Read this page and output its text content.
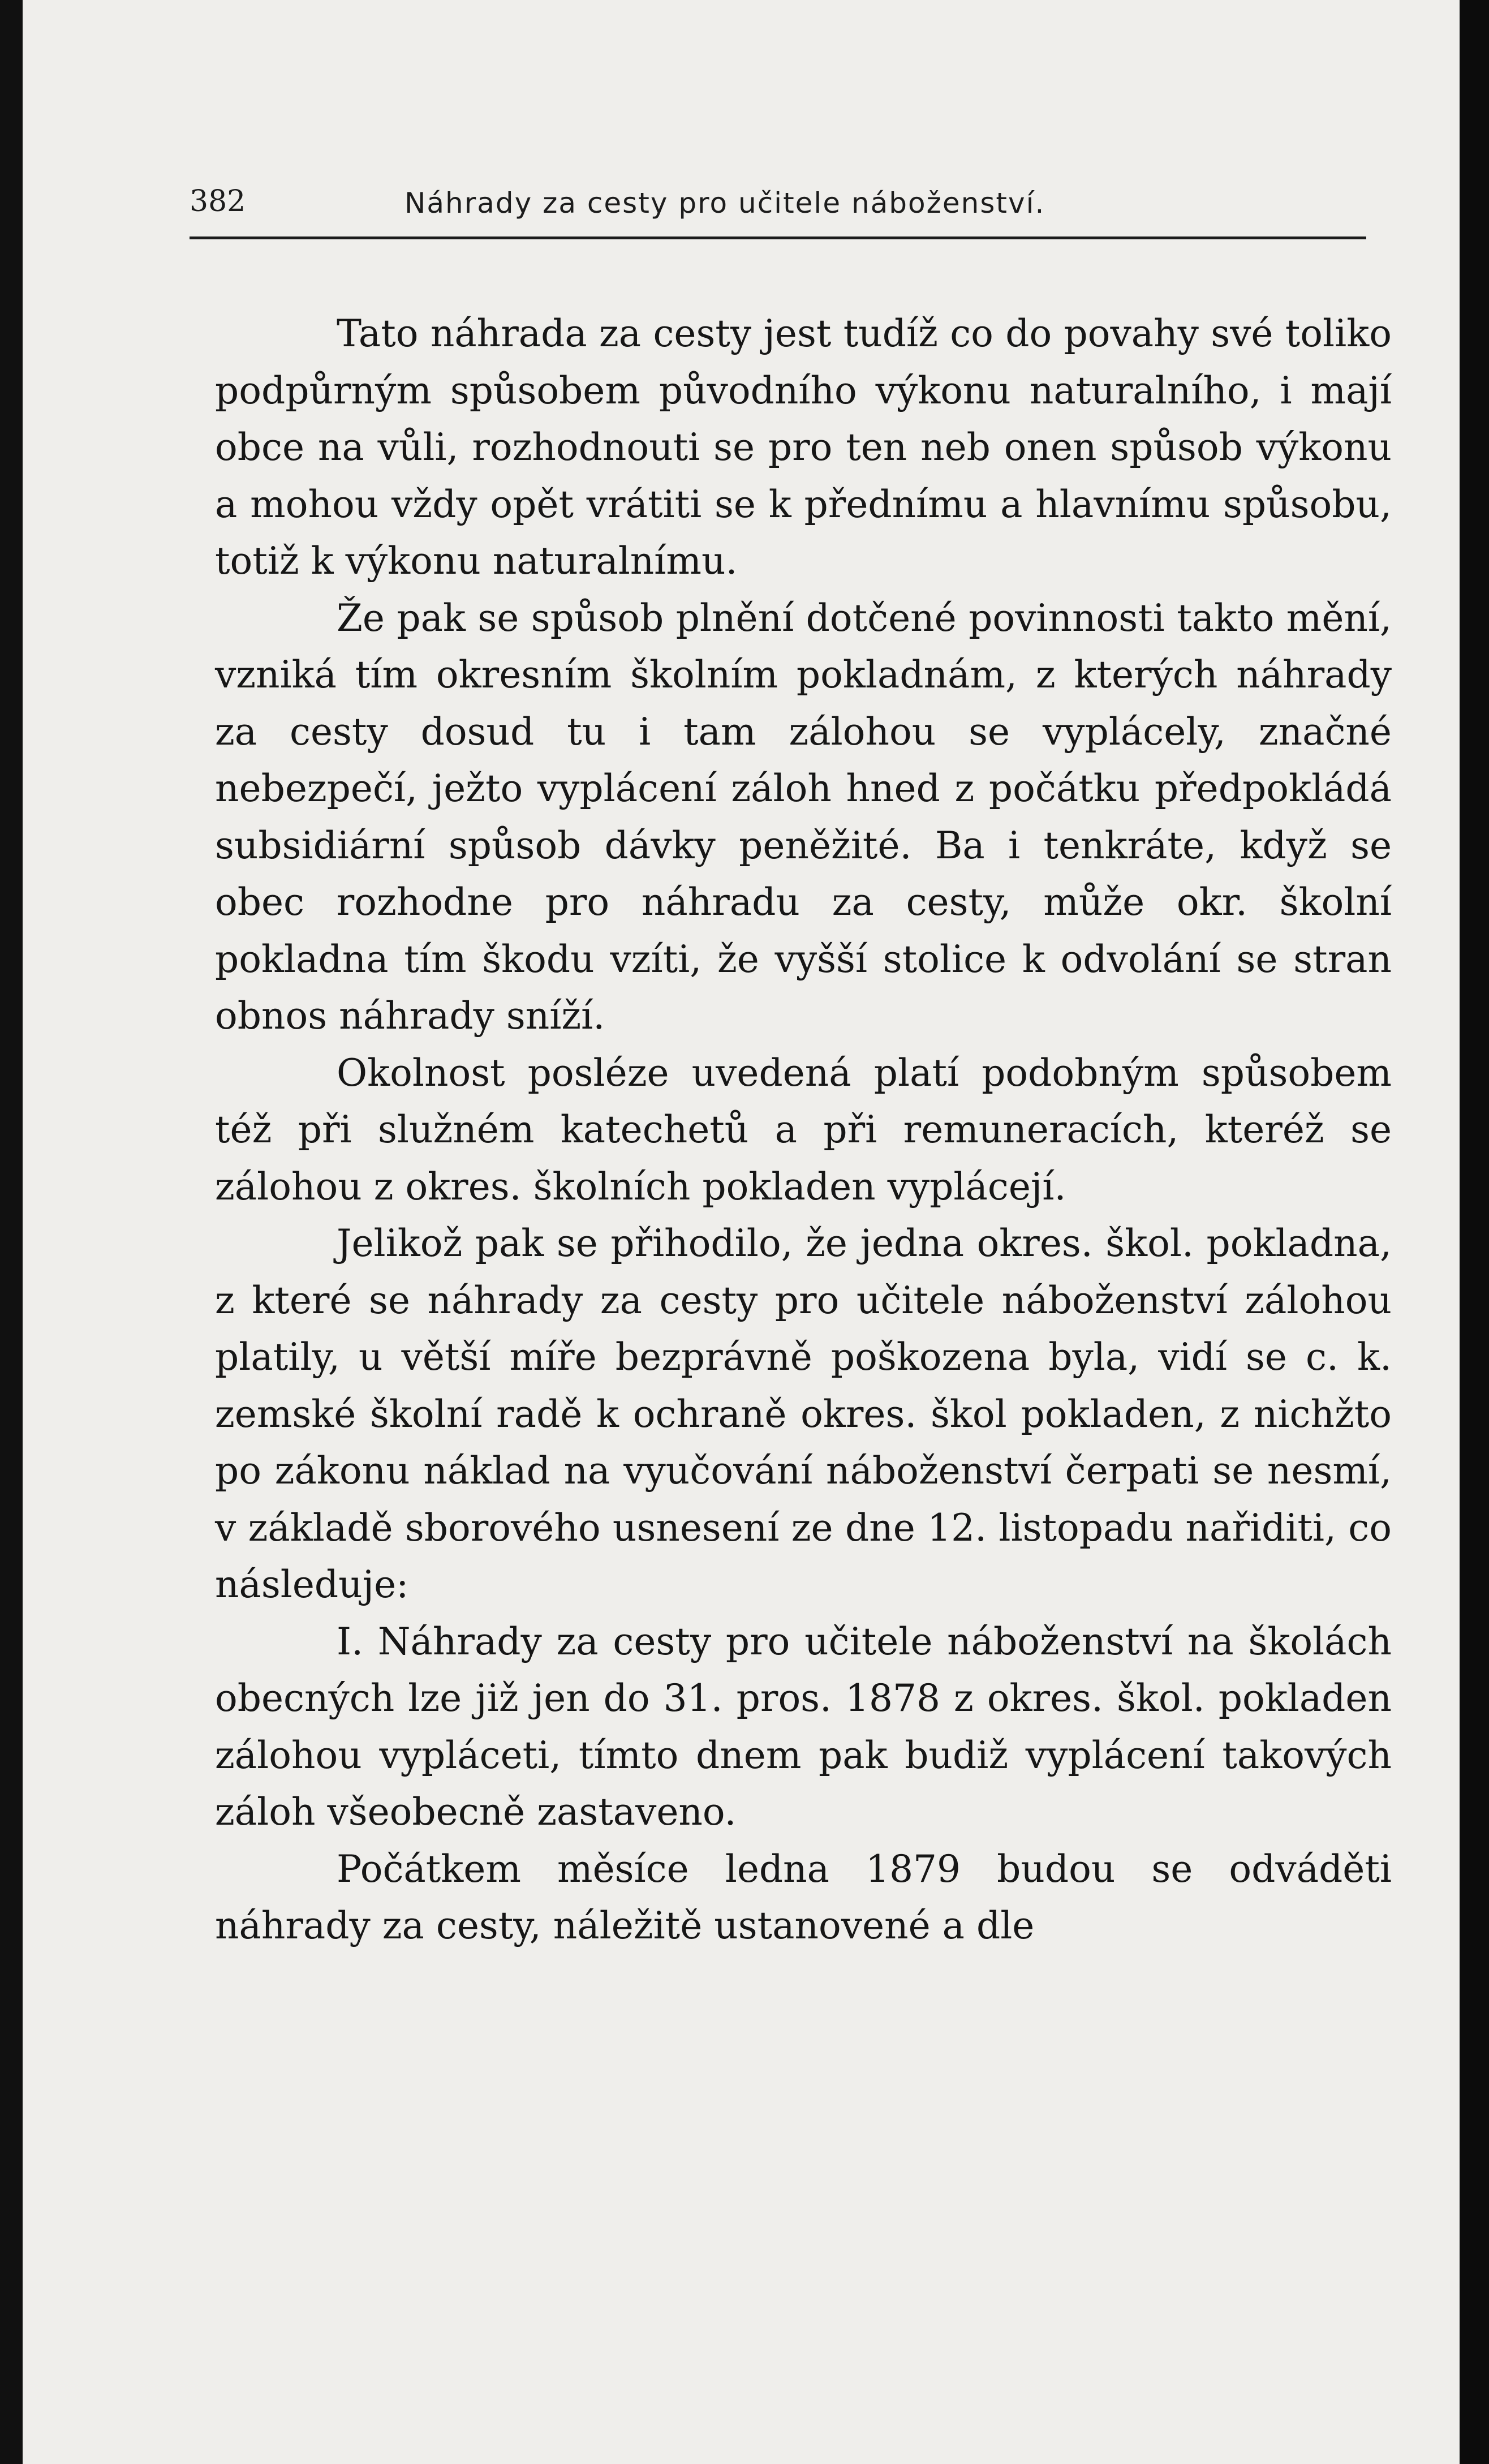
382	Náhrady za cesty pro učitele náboženství.

Tato náhrada za cesty jest tudíž co do povahy své toliko podpůrným spůsobem původního výkonu naturalního, i mají obce na vůli, rozhodnouti se pro ten neb onen spůsob výkonu a mohou vždy opět vrátiti se k přednímu a hlavnímu spůsobu, totiž k výkonu naturalnímu.

Že pak se spůsob plnění dotčené povinnosti takto mění, vzniká tím okresním školním pokladnám, z kterých náhrady za cesty dosud tu i tam zálohou se vyplácely, značné nebezpečí, ježto vyplácení záloh hned z počátku předpokládá subsidiární spůsob dávky peněžité. Ba i tenkráte, když se obec rozhodne pro náhradu za cesty, může okr. školní pokladna tím škodu vzíti, že vyšší stolice k odvolání se stran obnos náhrady sníží.

Okolnost posléze uvedená platí podobným spůsobem též při služném katechetů a při remuneracích, kteréž se zálohou z okres. školních pokladen vyplácejí.

Jelikož pak se přihodilo, že jedna okres. škol. pokladna, z které se náhrady za cesty pro učitele náboženství zálohou platily, u větší míře bezprávně poškozena byla, vidí se c. k. zemské školní radě k ochraně okres. škol pokladen, z nichžto po zákonu náklad na vyučování náboženství čerpati se nesmí, v základě sborového usnesení ze dne 12. listopadu nařiditi, co následuje:

I. Náhrady za cesty pro učitele náboženství na školách obecných lze již jen do 31. pros. 1878 z okres. škol. pokladen zálohou vypláceti, tímto dnem pak budiž vyplácení takových záloh všeobecně zastaveno.

Počátkem měsíce ledna 1879 budou se odváděti náhrady za cesty, náležitě ustanovené a dle
